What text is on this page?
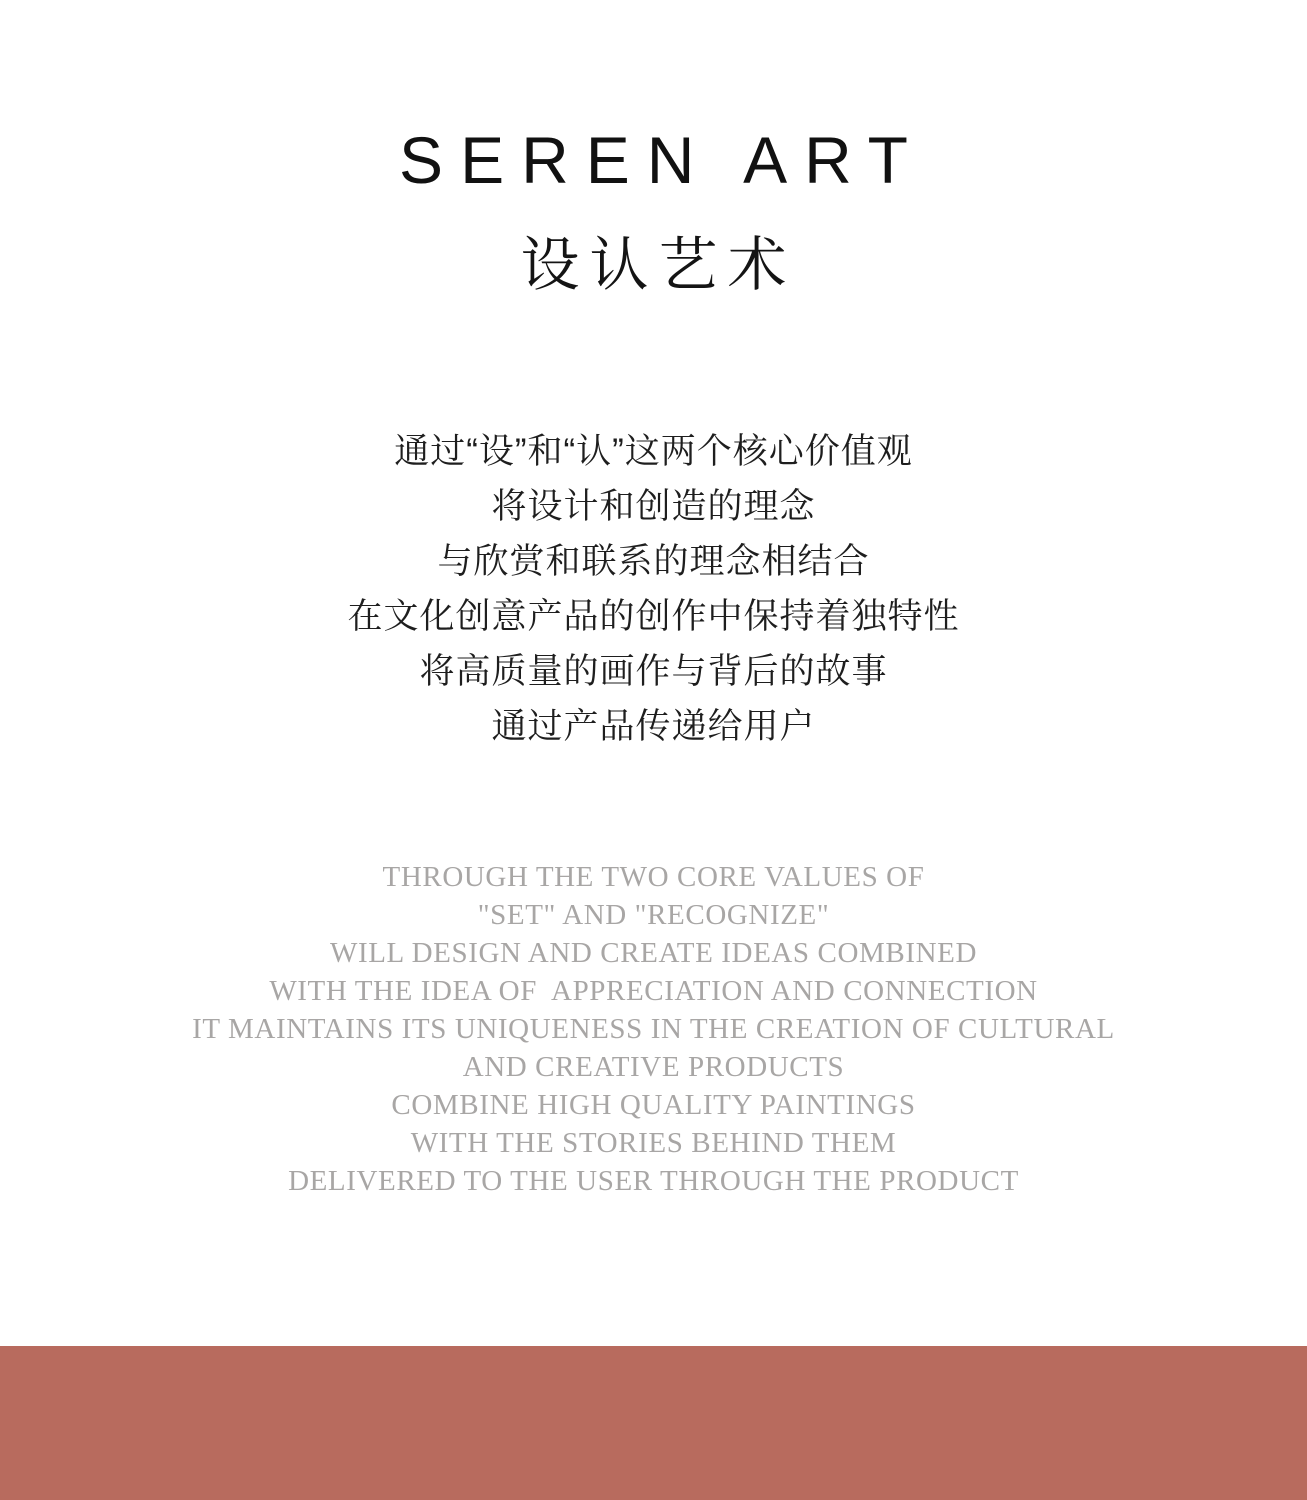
SEREN ART
设认艺术
通过“设”和“认”这两个核心价值观
将设计和创造的理念
与欣赏和联系的理念相结合
在文化创意产品的创作中保持着独特性
将高质量的画作与背后的故事
通过产品传递给用户
THROUGH THE TWO CORE VALUES OF
"SET" AND "RECOGNIZE"
WILL DESIGN AND CREATE IDEAS COMBINED
WITH THE IDEA OF  APPRECIATION AND CONNECTION
IT MAINTAINS ITS UNIQUENESS IN THE CREATION OF CULTURAL
AND CREATIVE PRODUCTS
COMBINE HIGH QUALITY PAINTINGS
WITH THE STORIES BEHIND THEM
DELIVERED TO THE USER THROUGH THE PRODUCT
